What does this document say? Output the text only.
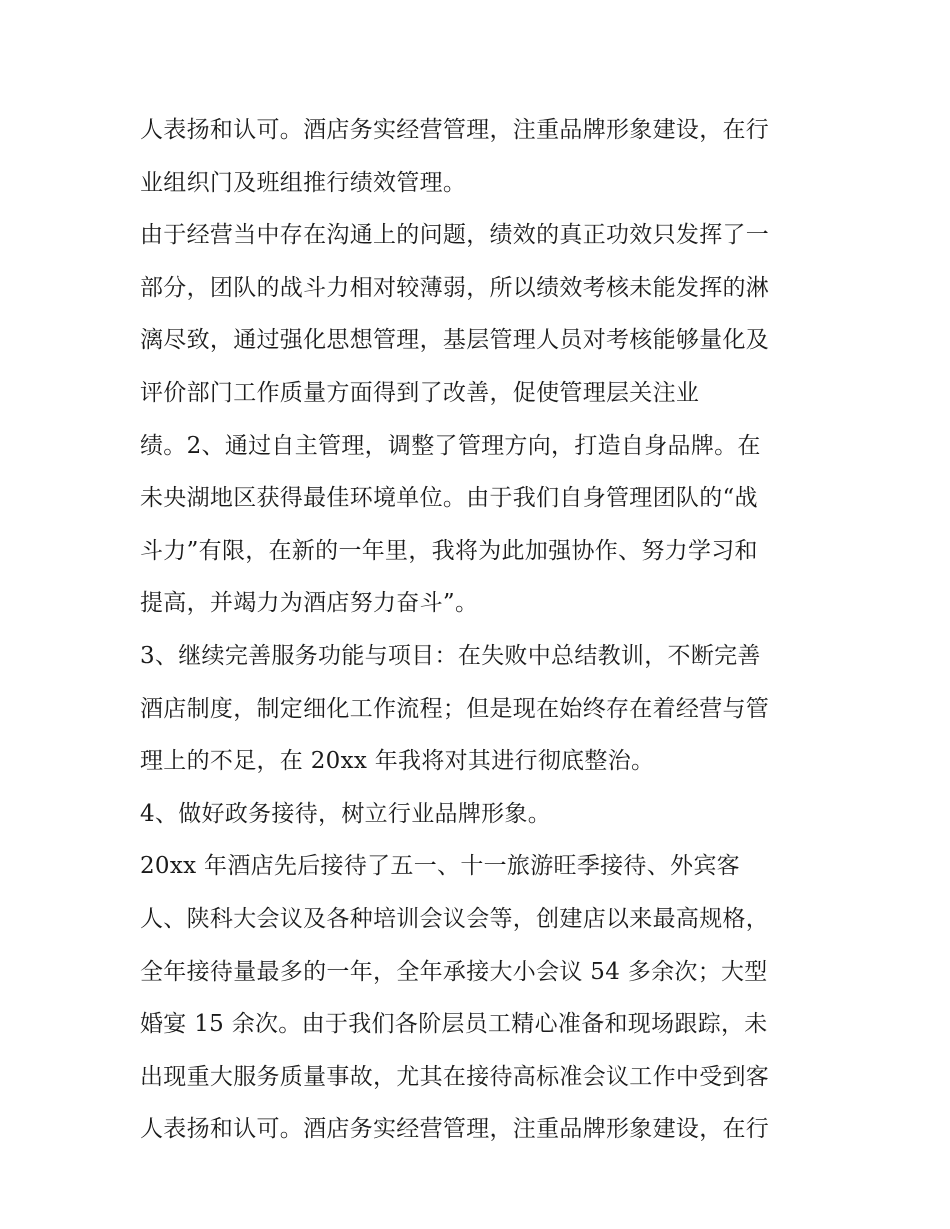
人表扬和认可。酒店务实经营管理，注重品牌形象建设，在行
业组织门及班组推行绩效管理。
由于经营当中存在沟通上的问题，绩效的真正功效只发挥了一
部分，团队的战斗力相对较薄弱，所以绩效考核未能发挥的淋
漓尽致，通过强化思想管理，基层管理人员对考核能够量化及
评价部门工作质量方面得到了改善，促使管理层关注业
绩。2、通过自主管理，调整了管理方向，打造自身品牌。在
未央湖地区获得最佳环境单位。由于我们自身管理团队的“战
斗力”有限，在新的一年里，我将为此加强协作、努力学习和
提高，并竭力为酒店努力奋斗”。
3、继续完善服务功能与项目：在失败中总结教训，不断完善
酒店制度，制定细化工作流程；但是现在始终存在着经营与管
理上的不足，在 20xx 年我将对其进行彻底整治。
4、做好政务接待，树立行业品牌形象。
20xx 年酒店先后接待了五一、十一旅游旺季接待、外宾客
人、陕科大会议及各种培训会议会等，创建店以来最高规格，
全年接待量最多的一年，全年承接大小会议 54 多余次；大型
婚宴 15 余次。由于我们各阶层员工精心准备和现场跟踪，未
出现重大服务质量事故，尤其在接待高标准会议工作中受到客
人表扬和认可。酒店务实经营管理，注重品牌形象建设，在行
